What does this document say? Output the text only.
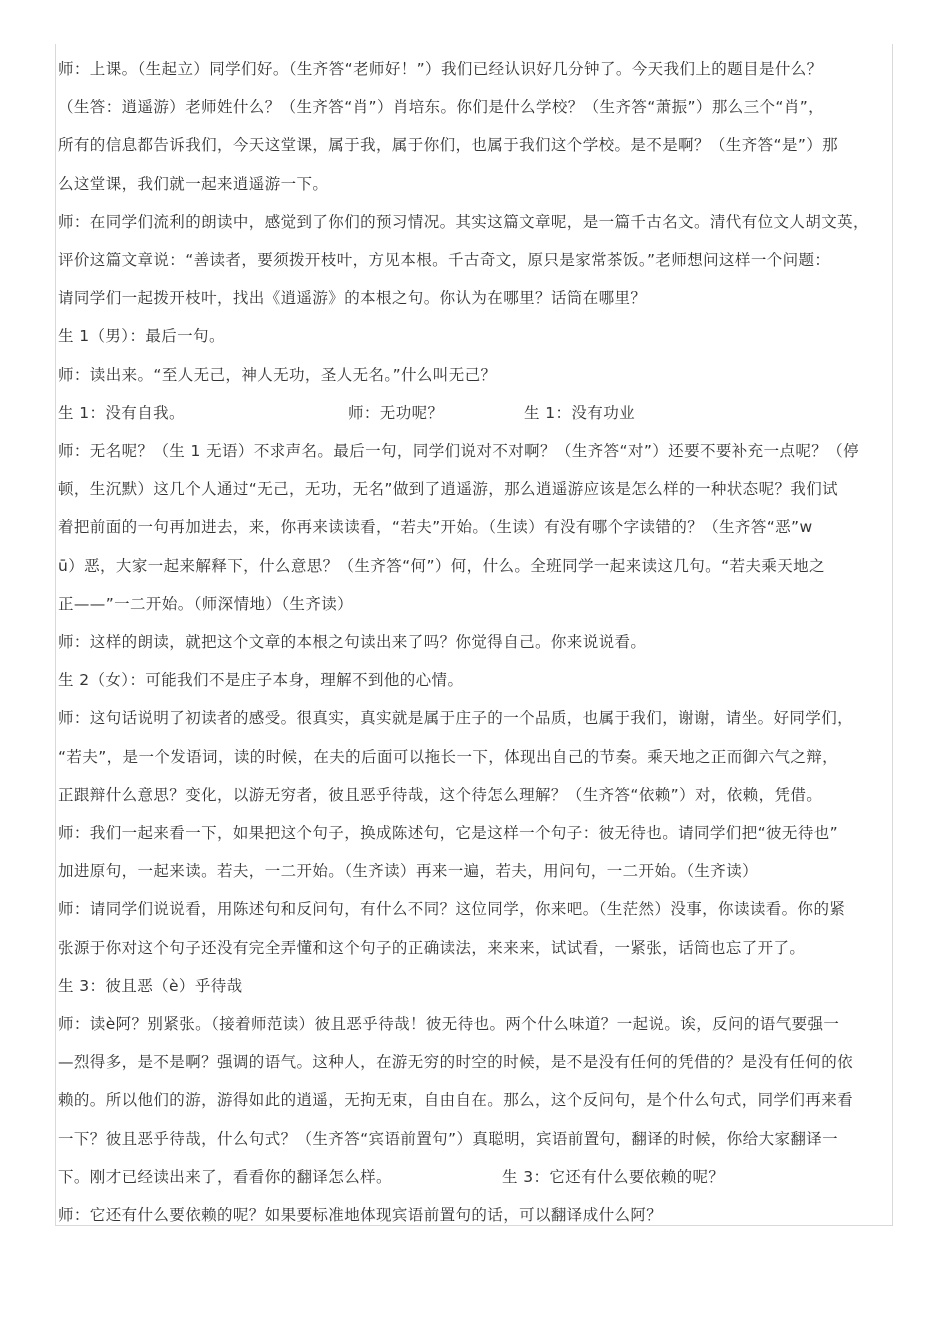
师：上课。（生起立）同学们好。（生齐答“老师好！”）我们已经认识好几分钟了。今天我们上的题目是什么？
（生答：逍遥游）老师姓什么？（生齐答“肖”）肖培东。你们是什么学校？（生齐答“萧振”）那么三个“肖”，
所有的信息都告诉我们，今天这堂课，属于我，属于你们，也属于我们这个学校。是不是啊？（生齐答“是”）那
么这堂课，我们就一起来逍遥游一下。
师：在同学们流利的朗读中，感觉到了你们的预习情况。其实这篇文章呢，是一篇千古名文。清代有位文人胡文英，
评价这篇文章说：“善读者，要须拨开枝叶，方见本根。千古奇文，原只是家常茶饭。”老师想问这样一个问题：
请同学们一起拨开枝叶，找出《逍遥游》的本根之句。你认为在哪里？话筒在哪里？
生 1（男）：最后一句。
师：读出来。“至人无己，神人无功，圣人无名。”什么叫无己？
生 1：没有自我。	师：无功呢？	生 1：没有功业
师：无名呢？（生 1 无语）不求声名。最后一句，同学们说对不对啊？（生齐答“对”）还要不要补充一点呢？（停
顿，生沉默）这几个人通过“无己，无功，无名”做到了逍遥游，那么逍遥游应该是怎么样的一种状态呢？我们试
着把前面的一句再加进去，来，你再来读读看，“若夫”开始。（生读）有没有哪个字读错的？（生齐答“恶”w
ū）恶，大家一起来解释下，什么意思？（生齐答“何”）何，什么。全班同学一起来读这几句。“若夫乘天地之
正——”一二开始。（师深情地）（生齐读）
师：这样的朗读，就把这个文章的本根之句读出来了吗？你觉得自己。你来说说看。
生 2（女）：可能我们不是庄子本身，理解不到他的心情。
师：这句话说明了初读者的感受。很真实，真实就是属于庄子的一个品质，也属于我们，谢谢，请坐。好同学们，
“若夫”，是一个发语词，读的时候，在夫的后面可以拖长一下，体现出自己的节奏。乘天地之正而御六气之辩，
正跟辩什么意思？变化，以游无穷者，彼且恶乎待哉，这个待怎么理解？（生齐答“依赖”）对，依赖，凭借。
师：我们一起来看一下，如果把这个句子，换成陈述句，它是这样一个句子：彼无待也。请同学们把“彼无待也”
加进原句，一起来读。若夫，一二开始。（生齐读）再来一遍，若夫，用问句，一二开始。（生齐读）
师：请同学们说说看，用陈述句和反问句，有什么不同？这位同学，你来吧。（生茫然）没事，你读读看。你的紧
张源于你对这个句子还没有完全弄懂和这个句子的正确读法，来来来，试试看，一紧张，话筒也忘了开了。
生 3：彼且恶（è）乎待哉
师：读è阿？别紧张。（接着师范读）彼且恶乎待哉！彼无待也。两个什么味道？一起说。诶，反问的语气要强一
—烈得多，是不是啊？强调的语气。这种人，在游无穷的时空的时候，是不是没有任何的凭借的？是没有任何的依
赖的。所以他们的游，游得如此的逍遥，无拘无束，自由自在。那么，这个反问句，是个什么句式，同学们再来看
一下？彼且恶乎待哉，什么句式？（生齐答“宾语前置句”）真聪明，宾语前置句，翻译的时候，你给大家翻译一
下。刚才已经读出来了，看看你的翻译怎么样。	生 3：它还有什么要依赖的呢？
师：它还有什么要依赖的呢？如果要标准地体现宾语前置句的话，可以翻译成什么阿？
